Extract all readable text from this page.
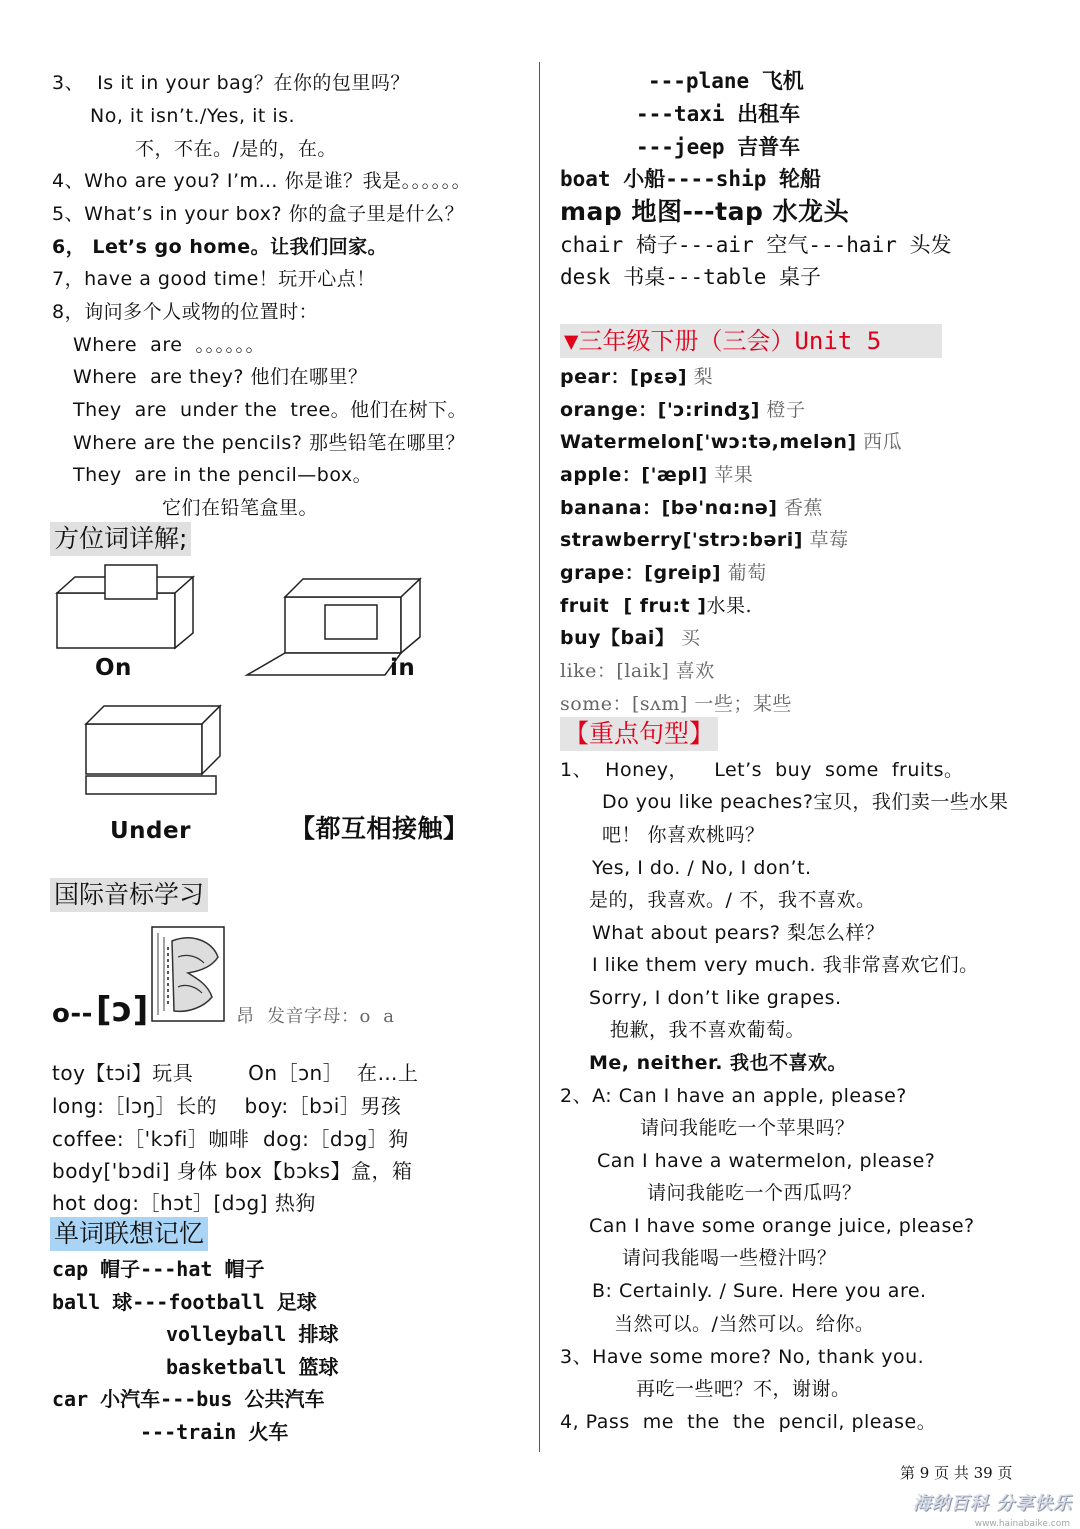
3、  Is it in your bag？在你的包里吗？
No, it isn’t./Yes, it is.
不，不在。/是的，在。
4、Who are you? I’m… 你是谁？我是。。。。。。
5、What’s in your box? 你的盒子里是什么？
6， Let’s go home。让我们回家。
7，have a good time！玩开心点！
8，询问多个人或物的位置时：
Where  are  。。。。。。
Where  are they? 他们在哪里？
They  are  under the  tree。他们在树下。
Where are the pencils? 那些铅笔在哪里？
They  are in the pencil—box。
它们在铅笔盒里。
方位词详解;
On	in
Under	【都互相接触】
国际音标学习
o-- [ɔ]	昂  发音字母：o  a
toy【tɔi】玩具        On［ɔn］  在…上
long:［lɔŋ］长的    boy:［bɔi］男孩
coffee:［'kɔfi］咖啡  dog:［dɔg］狗
body['bɔdi] 身体 box【bɔks】盒，箱
hot dog:［hɔt］[dɔg] 热狗
单词联想记忆
cap 帽子---hat 帽子
ball 球---football 足球
volleyball 排球
basketball 篮球
car 小汽车---bus 公共汽车
---train 火车
---plane 飞机
---taxi 出租车
---jeep 吉普车
boat 小船----ship 轮船
map 地图---tap 水龙头
chair 椅子---air 空气---hair 头发
desk 书桌---table 桌子
▼三年级下册（三会）Unit 5
pear：[pεə] 梨
orange：['ɔ:rindʒ] 橙子
Watermelon['wɔ:tə,melən] 西瓜
apple：['æpl] 苹果
banana：[bə'nɑ:nə] 香蕉
strawberry['strɔ:bəri] 草莓
grape：[greip] 葡萄
fruit  [ fru:t ]水果.
buy【bai】 买
like：[laik] 喜欢
some：[sʌm] 一些；某些
【重点句型】
1、  Honey，    Let’s  buy  some  fruits。
Do you like peaches?宝贝，我们卖一些水果
吧！ 你喜欢桃吗？
Yes, I do. / No, I don’t.
是的，我喜欢。/ 不，我不喜欢。
What about pears? 梨怎么样？
I like them very much. 我非常喜欢它们。
Sorry, I don’t like grapes.
抱歉，我不喜欢葡萄。
Me, neither. 我也不喜欢。
2、A: Can I have an apple, please?
请问我能吃一个苹果吗？
Can I have a watermelon, please?
请问我能吃一个西瓜吗？
Can I have some orange juice, please?
请问我能喝一些橙汁吗？
B: Certainly. / Sure. Here you are.
当然可以。/当然可以。给你。
3、Have some more? No, thank you.
再吃一些吧？不，谢谢。
4, Pass  me  the  the  pencil, please。
第 9 页 共 39 页
海纳百科 分享快乐
www.hainabaike.com
